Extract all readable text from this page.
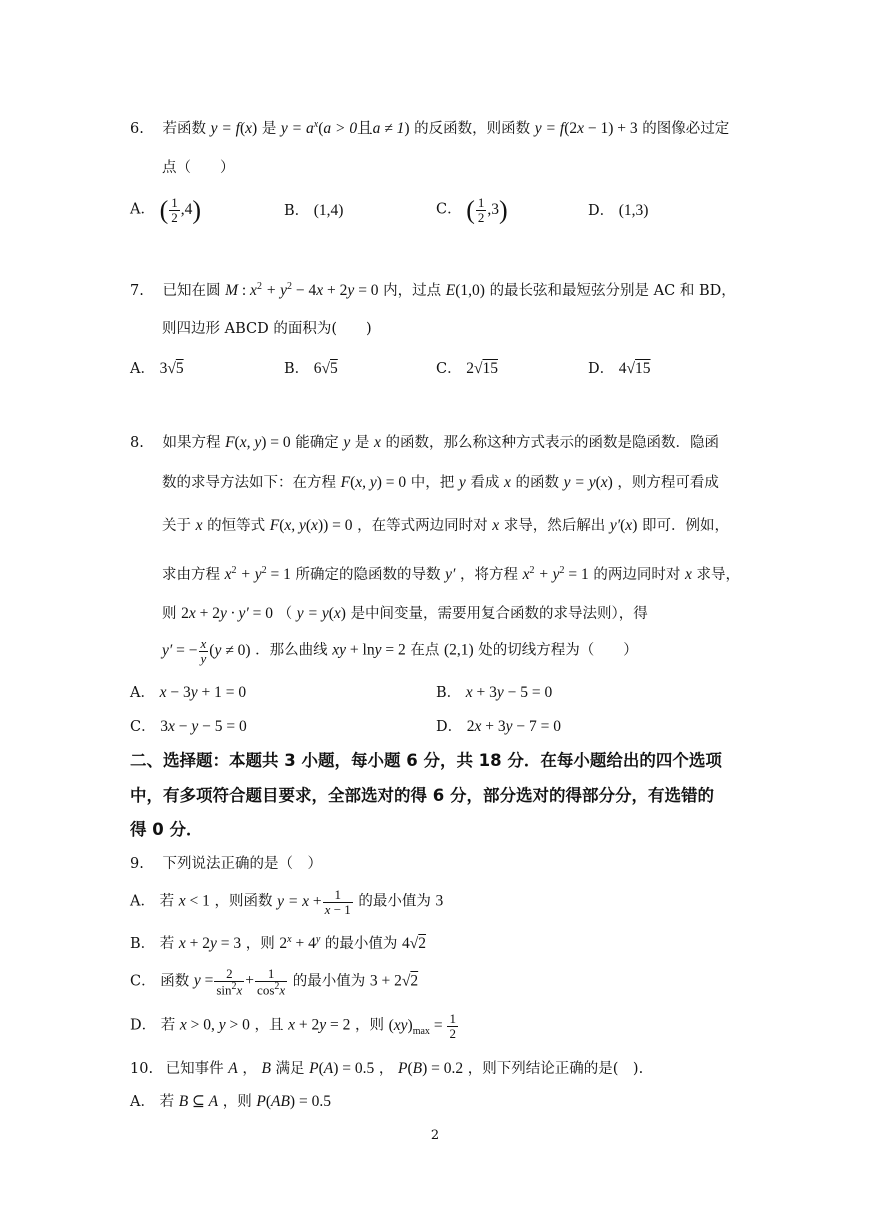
6. 若函数 y = f(x) 是 $y = a^x(a > 0$且a ≠ 1) 的反函数，则函数 y = f(2x − 1) + 3 的图像必过定
点（　　）
A． ( $\frac{1}{2} ,4$)	B． (1,4)	C． ( $\frac{1}{2} ,3$)	D． (1,3)
7. 已知在圆 M : $x^2 + y^2 - 4x + 2y = 0$ 内，过点 E(1,0) 的最长弦和最短弦分别是 AC 和 BD，
则四边形 ABCD 的面积为(　　)
A． 3√5	B． 6√5	C． 2√15	D． 4√15
8. 如果方程 F(x, y) = 0 能确定 y 是 x 的函数，那么称这种方式表示的函数是隐函数．隐函
数的求导方法如下：在方程 F(x, y) = 0 中，把 y 看成 x 的函数 y = y(x) ，则方程可看成
关于 x 的恒等式 F(x, y(x)) = 0 ，在等式两边同时对 x 求导，然后解出 y′(x) 即可．例如，
求由方程 $x^2 + y^2 = 1$ 所确定的隐函数的导数 y′ ，将方程 $x^2 + y^2 = 1$ 的两边同时对 x 求导，
则 2x + 2y · y′ = 0 （ y = y(x) 是中间变量，需要用复合函数的求导法则），得
y′ = − $\frac{x}{y} (y \ne 0)$ ．那么曲线 xy + lny = 2 在点 (2,1) 处的切线方程为（　　）
A． x − 3y + 1 = 0	B． x + 3y − 5 = 0
C． 3x − y − 5 = 0	D． 2x + 3y − 7 = 0
二、选择题：本题共 3 小题，每小题 6 分，共 18 分．在每小题给出的四个选项
中，有多项符合题目要求，全部选对的得 6 分，部分选对的得部分分，有选错的
得 0 分．
9. 下列说法正确的是（　）
A． 若 x < 1 ，则函数 $y = x + \frac{1}{x - 1}$ 的最小值为 3
B． 若 x + 2y = 3 ，则 $2^x + 4^y$ 的最小值为 4√2
C． 函数 $y = \frac{2}{\sin^2x} + \frac{1}{\cos^2x}$ 的最小值为 3 + 2√2
D． 若 x > 0, y > 0 ，且 x + 2y = 2 ，则 $(xy)_{max} = \frac{1}{2}$
10. 已知事件 A ， B 满足 P(A) = 0.5 ， P(B) = 0.2 ，则下列结论正确的是(　).
A． 若 B ⊆ A ，则 P(AB) = 0.5
2
